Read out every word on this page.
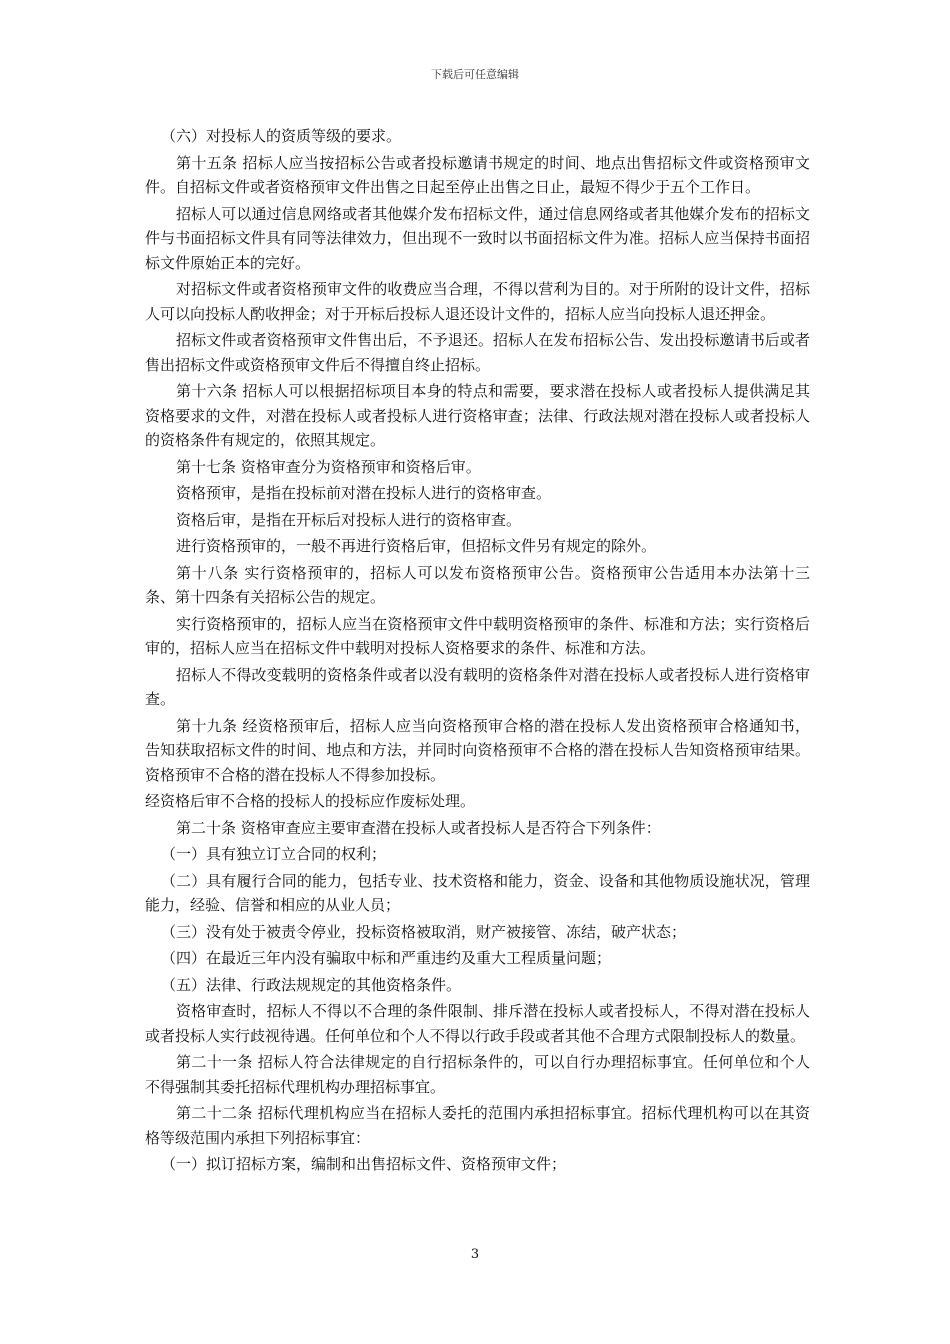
下载后可任意编辑

（六）对投标人的资质等级的要求。

第十五条 招标人应当按招标公告或者投标邀请书规定的时间、地点出售招标文件或资格预审文件。自招标文件或者资格预审文件出售之日起至停止出售之日止，最短不得少于五个工作日。

招标人可以通过信息网络或者其他媒介发布招标文件，通过信息网络或者其他媒介发布的招标文件与书面招标文件具有同等法律效力，但出现不一致时以书面招标文件为准。招标人应当保持书面招标文件原始正本的完好。

对招标文件或者资格预审文件的收费应当合理，不得以营利为目的。对于所附的设计文件，招标人可以向投标人酌收押金；对于开标后投标人退还设计文件的，招标人应当向投标人退还押金。

招标文件或者资格预审文件售出后，不予退还。招标人在发布招标公告、发出投标邀请书后或者售出招标文件或资格预审文件后不得擅自终止招标。

第十六条 招标人可以根据招标项目本身的特点和需要，要求潜在投标人或者投标人提供满足其资格要求的文件，对潜在投标人或者投标人进行资格审查；法律、行政法规对潜在投标人或者投标人的资格条件有规定的，依照其规定。

第十七条 资格审查分为资格预审和资格后审。

资格预审，是指在投标前对潜在投标人进行的资格审查。

资格后审，是指在开标后对投标人进行的资格审查。

进行资格预审的，一般不再进行资格后审，但招标文件另有规定的除外。

第十八条 实行资格预审的，招标人可以发布资格预审公告。资格预审公告适用本办法第十三条、第十四条有关招标公告的规定。

实行资格预审的，招标人应当在资格预审文件中载明资格预审的条件、标准和方法；实行资格后审的，招标人应当在招标文件中载明对投标人资格要求的条件、标准和方法。

招标人不得改变载明的资格条件或者以没有载明的资格条件对潜在投标人或者投标人进行资格审查。

第十九条 经资格预审后，招标人应当向资格预审合格的潜在投标人发出资格预审合格通知书，告知获取招标文件的时间、地点和方法，并同时向资格预审不合格的潜在投标人告知资格预审结果。资格预审不合格的潜在投标人不得参加投标。

经资格后审不合格的投标人的投标应作废标处理。

第二十条 资格审查应主要审查潜在投标人或者投标人是否符合下列条件：

（一）具有独立订立合同的权利；

（二）具有履行合同的能力，包括专业、技术资格和能力，资金、设备和其他物质设施状况，管理能力，经验、信誉和相应的从业人员；

（三）没有处于被责令停业，投标资格被取消，财产被接管、冻结，破产状态；

（四）在最近三年内没有骗取中标和严重违约及重大工程质量问题；

（五）法律、行政法规规定的其他资格条件。

资格审查时，招标人不得以不合理的条件限制、排斥潜在投标人或者投标人，不得对潜在投标人或者投标人实行歧视待遇。任何单位和个人不得以行政手段或者其他不合理方式限制投标人的数量。

第二十一条 招标人符合法律规定的自行招标条件的，可以自行办理招标事宜。任何单位和个人不得强制其委托招标代理机构办理招标事宜。

第二十二条 招标代理机构应当在招标人委托的范围内承担招标事宜。招标代理机构可以在其资格等级范围内承担下列招标事宜：

（一）拟订招标方案，编制和出售招标文件、资格预审文件；

3
